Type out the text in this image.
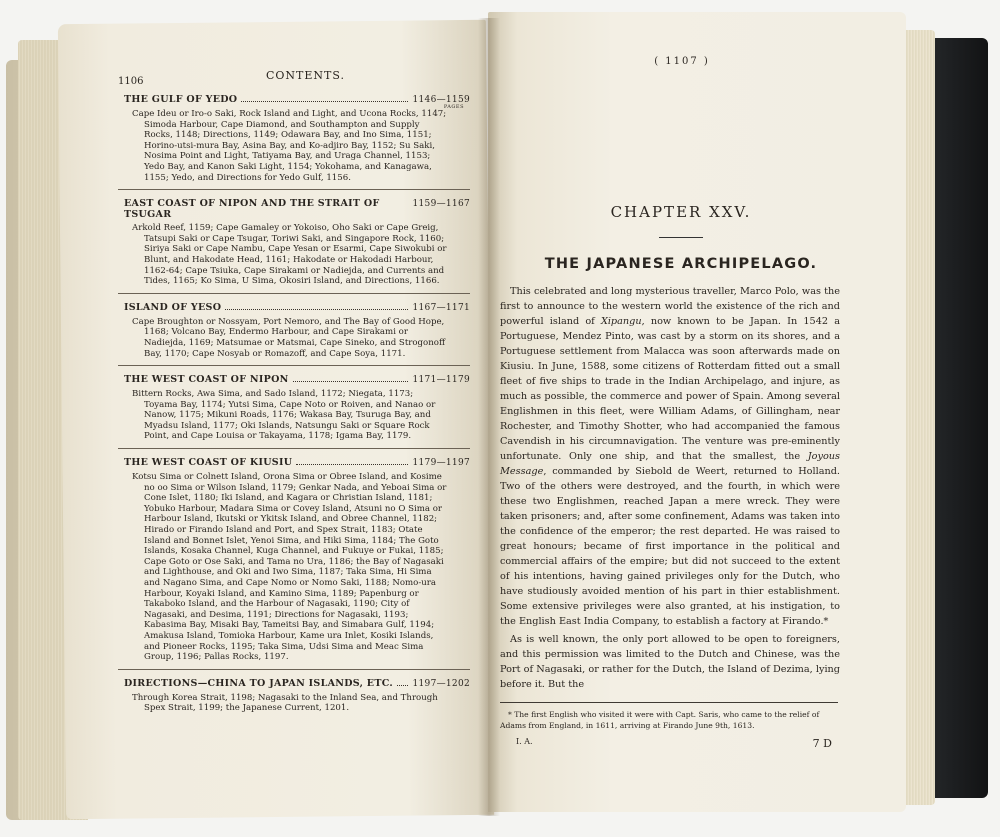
1106	CONTENTS.
PAGES
THE GULF OF YEDO	1146—1159
Cape Ideu or Iro-o Saki, Rock Island and Light, and Ucona Rocks, 1147; Simoda Harbour, Cape Diamond, and Southampton and Supply Rocks, 1148; Directions, 1149; Odawara Bay, and Ino Sima, 1151; Horino-utsi-mura Bay, Asina Bay, and Ko-adjiro Bay, 1152; Su Saki, Nosima Point and Light, Tatiyama Bay, and Uraga Channel, 1153; Yedo Bay, and Kanon Saki Light, 1154; Yokohama, and Kanagawa, 1155; Yedo, and Directions for Yedo Gulf, 1156.
EAST COAST OF NIPON AND THE STRAIT OF TSUGAR
1159—1167
Arkold Reef, 1159; Cape Gamaley or Yokoiso, Oho Saki or Cape Greig, Tatsupi Saki or Cape Tsugar, Toriwi Saki, and Singapore Rock, 1160; Siriya Saki or Cape Nambu, Cape Yesan or Esarmi, Cape Siwokubi or Blunt, and Hakodate Head, 1161; Hakodate or Hakodadi Harbour, 1162-64; Cape Tsiuka, Cape Sirakami or Nadiejda, and Currents and Tides, 1165; Ko Sima, U Sima, Okosiri Island, and Directions, 1166.
ISLAND OF YESO	1167—1171
Cape Broughton or Nossyam, Port Nemoro, and The Bay of Good Hope, 1168; Volcano Bay, Endermo Harbour, and Cape Sirakami or Nadiejda, 1169; Matsumae or Matsmai, Cape Sineko, and Strogonoff Bay, 1170; Cape Nosyab or Romazoff, and Cape Soya, 1171.
THE WEST COAST OF NIPON	1171—1179
Bittern Rocks, Awa Sima, and Sado Island, 1172; Niegata, 1173; Toyama Bay, 1174; Yutsi Sima, Cape Noto or Roiven, and Nanao or Nanow, 1175; Mikuni Roads, 1176; Wakasa Bay, Tsuruga Bay, and Myadsu Island, 1177; Oki Islands, Natsungu Saki or Square Rock Point, and Cape Louisa or Takayama, 1178; Igama Bay, 1179.
THE WEST COAST OF KIUSIU	1179—1197
Kotsu Sima or Colnett Island, Orona Sima or Obree Island, and Kosime no oo Sima or Wilson Island, 1179; Genkar Nada, and Yeboai Sima or Cone Islet, 1180; Iki Island, and Kagara or Christian Island, 1181; Yobuko Harbour, Madara Sima or Covey Island, Atsuni no O Sima or Harbour Island, Ikutski or Ykitsk Island, and Obree Channel, 1182; Hirado or Firando Island and Port, and Spex Strait, 1183; Otate Island and Bonnet Islet, Yenoi Sima, and Hiki Sima, 1184; The Goto Islands, Kosaka Channel, Kuga Channel, and Fukuye or Fukai, 1185; Cape Goto or Ose Saki, and Tama no Ura, 1186; the Bay of Nagasaki and Lighthouse, and Oki and Iwo Sima, 1187; Taka Sima, Hi Sima and Nagano Sima, and Cape Nomo or Nomo Saki, 1188; Nomo-ura Harbour, Koyaki Island, and Kamino Sima, 1189; Papenburg or Takaboko Island, and the Harbour of Nagasaki, 1190; City of Nagasaki, and Desima, 1191; Directions for Nagasaki, 1193; Kabasima Bay, Misaki Bay, Tameitsi Bay, and Simabara Gulf, 1194; Amakusa Island, Tomioka Harbour, Kame ura Inlet, Kosiki Islands, and Pioneer Rocks, 1195; Taka Sima, Udsi Sima and Meac Sima Group, 1196; Pallas Rocks, 1197.
DIRECTIONS—CHINA TO JAPAN ISLANDS, ETC. 1197—1202
Through Korea Strait, 1198; Nagasaki to the Inland Sea, and Through Spex Strait, 1199; the Japanese Current, 1201.
( 1107 )
CHAPTER XXV.
THE JAPANESE ARCHIPELAGO.

This celebrated and long mysterious traveller, Marco Polo, was the first to announce to the western world the existence of the rich and powerful island of Xipangu, now known to be Japan. In 1542 a Portuguese, Mendez Pinto, was cast by a storm on its shores, and a Portuguese settlement from Malacca was soon afterwards made on Kiusiu. In June, 1588, some citizens of Rotterdam fitted out a small fleet of five ships to trade in the Indian Archipelago, and injure, as much as possible, the commerce and power of Spain. Among several Englishmen in this fleet, were William Adams, of Gillingham, near Rochester, and Timothy Shotter, who had accompanied the famous Cavendish in his circumnavigation. The venture was pre-eminently unfortunate. Only one ship, and that the smallest, the Joyous Message, commanded by Siebold de Weert, returned to Holland. Two of the others were destroyed, and the fourth, in which were these two Englishmen, reached Japan a mere wreck. They were taken prisoners; and, after some confinement, Adams was taken into the confidence of the emperor; the rest departed. He was raised to great honours; became of first importance in the political and commercial affairs of the empire; but did not succeed to the extent of his intentions, having gained privileges only for the Dutch, who have studiously avoided mention of his part in thier establishment. Some extensive privileges were also granted, at his instigation, to the English East India Company, to establish a factory at Firando.*

As is well known, the only port allowed to be open to foreigners, and this permission was limited to the Dutch and Chinese, was the Port of Nagasaki, or rather for the Dutch, the Island of Dezima, lying before it. But the

* The first English who visited it were with Capt. Saris, who came to the relief of Adams from England, in 1611, arriving at Firando June 9th, 1613.

I. A.	7 D
